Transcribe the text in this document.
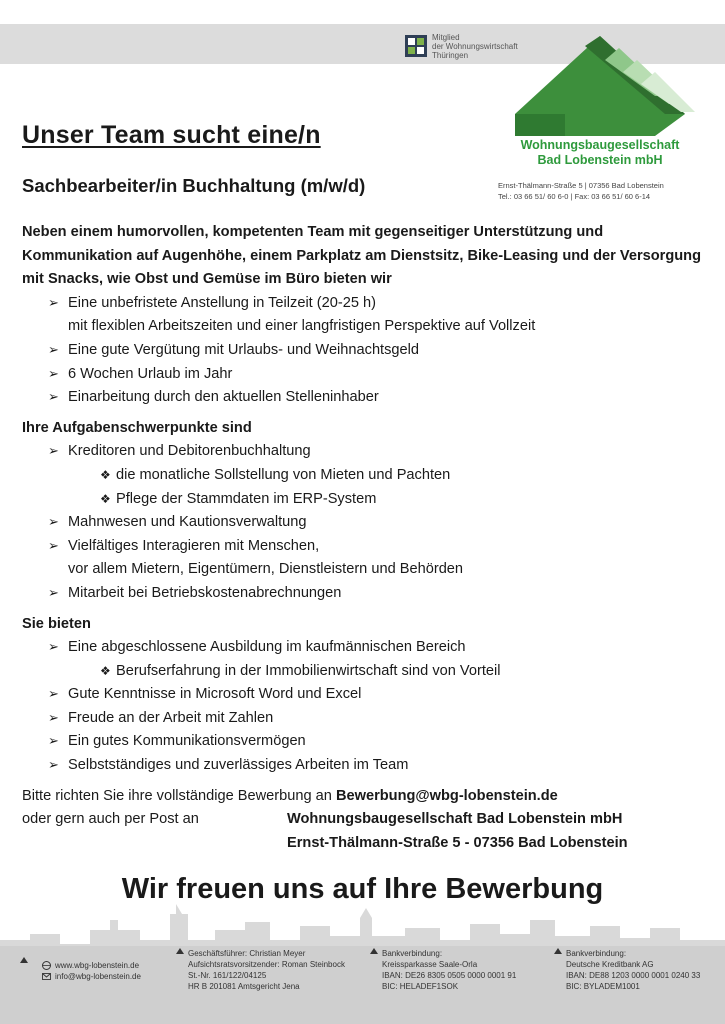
Mitglied
der Wohnungswirtschaft
Thüringen
Wohnungsbaugesellschaft
Bad Lobenstein mbH
Ernst-Thälmann-Straße 5 | 07356 Bad Lobenstein
Tel.: 03 66 51/ 60 6-0 | Fax: 03 66 51/ 60 6-14
Unser Team sucht eine/n
Sachbearbeiter/in Buchhaltung (m/w/d)
Neben einem humorvollen, kompetenten Team mit gegenseitiger Unterstützung und Kommunikation auf Augenhöhe, einem Parkplatz am Dienstsitz, Bike-Leasing und der Versorgung mit Snacks, wie Obst und Gemüse im Büro bieten wir
➢ Eine unbefristete Anstellung in Teilzeit (20-25 h)
mit flexiblen Arbeitszeiten und einer langfristigen Perspektive auf Vollzeit
➢ Eine gute Vergütung mit Urlaubs- und Weihnachtsgeld
➢ 6 Wochen Urlaub im Jahr
➢ Einarbeitung durch den aktuellen Stelleninhaber
Ihre Aufgabenschwerpunkte sind
➢ Kreditoren und Debitorenbuchhaltung
❖ die monatliche Sollstellung von Mieten und Pachten
❖ Pflege der Stammdaten im ERP-System
➢ Mahnwesen und Kautionsverwaltung
➢ Vielfältiges Interagieren mit Menschen,
vor allem Mietern, Eigentümern, Dienstleistern und Behörden
➢ Mitarbeit bei Betriebskostenabrechnungen
Sie bieten
➢ Eine abgeschlossene Ausbildung im kaufmännischen Bereich
❖ Berufserfahrung in der Immobilienwirtschaft sind von Vorteil
➢ Gute Kenntnisse in Microsoft Word und Excel
➢ Freude an der Arbeit mit Zahlen
➢ Ein gutes Kommunikationsvermögen
➢ Selbstständiges und zuverlässiges Arbeiten im Team
Bitte richten Sie ihre vollständige Bewerbung an Bewerbung@wbg-lobenstein.de
oder gern auch per Post an	Wohnungsbaugesellschaft Bad Lobenstein mbH
Ernst-Thälmann-Straße 5 - 07356 Bad Lobenstein
Wir freuen uns auf Ihre Bewerbung
www.wbg-lobenstein.de
info@wbg-lobenstein.de
Geschäftsführer: Christian Meyer
Aufsichtsratsvorsitzender: Roman Steinbock
St.-Nr. 161/122/04125
HR B 201081 Amtsgericht Jena
Bankverbindung:
Kreissparkasse Saale-Orla
IBAN: DE26 8305 0505 0000 0001 91
BIC: HELADEF1SOK
Bankverbindung:
Deutsche Kreditbank AG
IBAN: DE88 1203 0000 0001 0240 33
BIC: BYLADEM1001
